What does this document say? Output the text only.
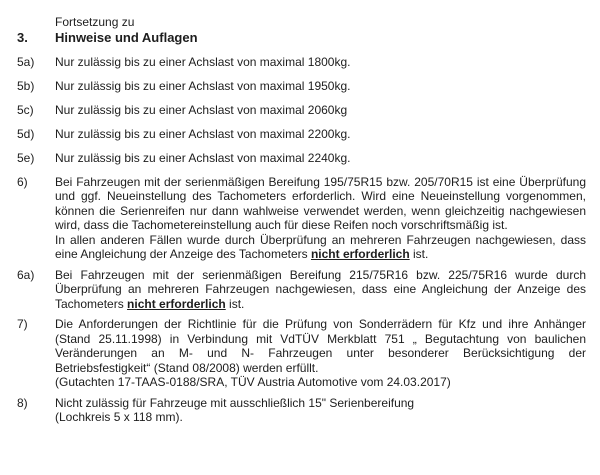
Fortsetzung zu
3.	Hinweise und Auflagen
5a)	Nur zulässig bis zu einer Achslast von maximal 1800kg.
5b)	Nur zulässig bis zu einer Achslast von maximal 1950kg.
5c)	Nur zulässig bis zu einer Achslast von maximal 2060kg
5d)	Nur zulässig bis zu einer Achslast von maximal 2200kg.
5e)	Nur zulässig bis zu einer Achslast von maximal 2240kg.
6)	Bei Fahrzeugen mit der serienmäßigen Bereifung 195/75R15 bzw. 205/70R15 ist eine Überprüfung und ggf. Neueinstellung des Tachometers erforderlich. Wird eine Neueinstellung vorgenommen, können die Serienreifen nur dann wahlweise verwendet werden, wenn gleichzeitig nachgewiesen wird, dass die Tachometereinstellung auch für diese Reifen noch vorschriftsmäßig ist.

In allen anderen Fällen wurde durch Überprüfung an mehreren Fahrzeugen nachgewiesen, dass eine Angleichung der Anzeige des Tachometers nicht erforderlich ist.

6a)	Bei Fahrzeugen mit der serienmäßigen Bereifung 215/75R16 bzw. 225/75R16 wurde durch Überprüfung an mehreren Fahrzeugen nachgewiesen, dass eine Angleichung der Anzeige des Tachometers nicht erforderlich ist.

7)	Die Anforderungen der Richtlinie für die Prüfung von Sonderrädern für Kfz und ihre Anhänger (Stand 25.11.1998) in Verbindung mit VdTÜV Merkblatt 751 „ Begutachtung von baulichen Veränderungen an M- und N- Fahrzeugen unter besonderer Berücksichtigung der Betriebsfestigkeit“ (Stand 08/2008) werden erfüllt.

(Gutachten 17-TAAS-0188/SRA, TÜV Austria Automotive vom 24.03.2017)

8)	Nicht zulässig für Fahrzeuge mit ausschließlich 15" Serienbereifung

(Lochkreis 5 x 118 mm).
